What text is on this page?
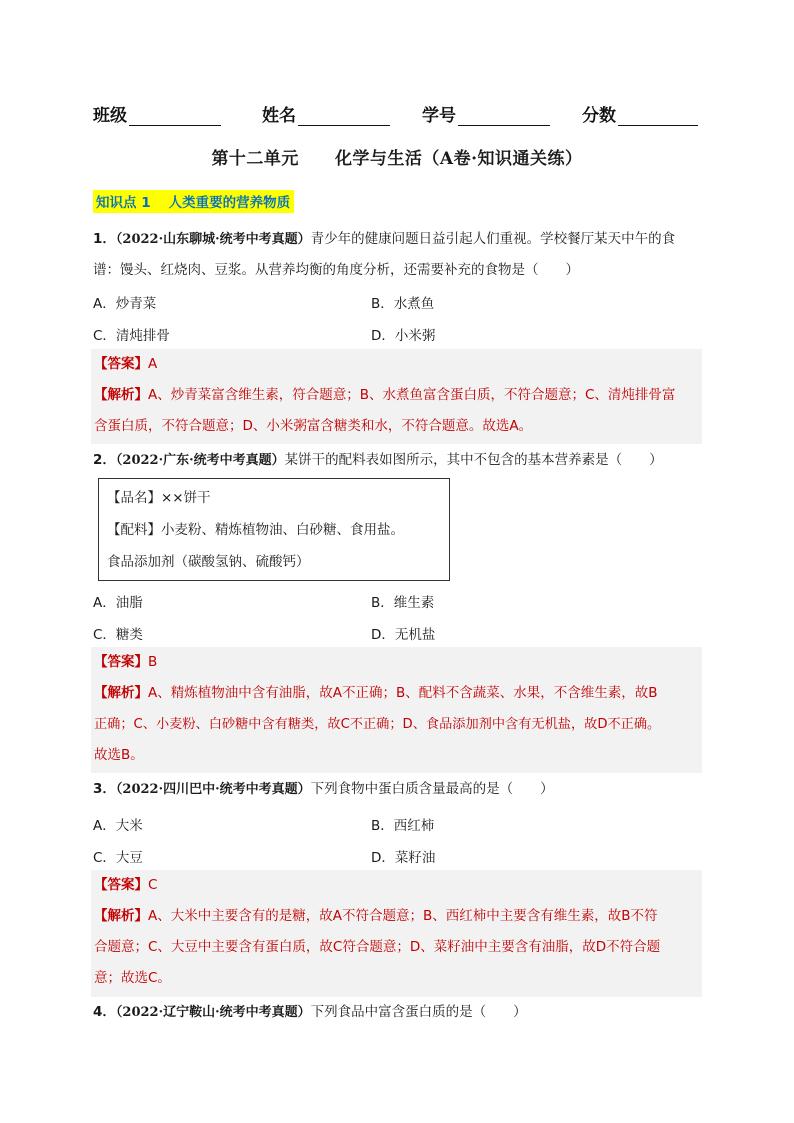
班级	姓名	学号	分数
第十二单元 化学与生活（A卷·知识通关练）
知识点 1 人类重要的营养物质
1．（2022·山东聊城·统考中考真题）青少年的健康问题日益引起人们重视。学校餐厅某天中午的食
谱：馒头、红烧肉、豆浆。从营养均衡的角度分析，还需要补充的食物是（　　）
A．炒青菜	B．水煮鱼
C．清炖排骨	D．小米粥
【答案】A
【解析】A、炒青菜富含维生素，符合题意；B、水煮鱼富含蛋白质，不符合题意；C、清炖排骨富
含蛋白质，不符合题意；D、小米粥富含糖类和水，不符合题意。故选A。
2．（2022·广东·统考中考真题）某饼干的配料表如图所示，其中不包含的基本营养素是（　　）
【品名】××饼干
【配料】小麦粉、精炼植物油、白砂糖、食用盐。
食品添加剂（碳酸氢钠、硫酸钙）
A．油脂	B．维生素
C．糖类	D．无机盐
【答案】B
【解析】A、精炼植物油中含有油脂，故A不正确；B、配料不含蔬菜、水果，不含维生素，故B
正确；C、小麦粉、白砂糖中含有糖类，故C不正确；D、食品添加剂中含有无机盐，故D不正确。
故选B。
3．（2022·四川巴中·统考中考真题）下列食物中蛋白质含量最高的是（　　）
A．大米	B．西红柿
C．大豆	D．菜籽油
【答案】C
【解析】A、大米中主要含有的是糖，故A不符合题意；B、西红柿中主要含有维生素，故B不符
合题意；C、大豆中主要含有蛋白质，故C符合题意；D、菜籽油中主要含有油脂，故D不符合题
意；故选C。
4．（2022·辽宁鞍山·统考中考真题）下列食品中富含蛋白质的是（　　）
